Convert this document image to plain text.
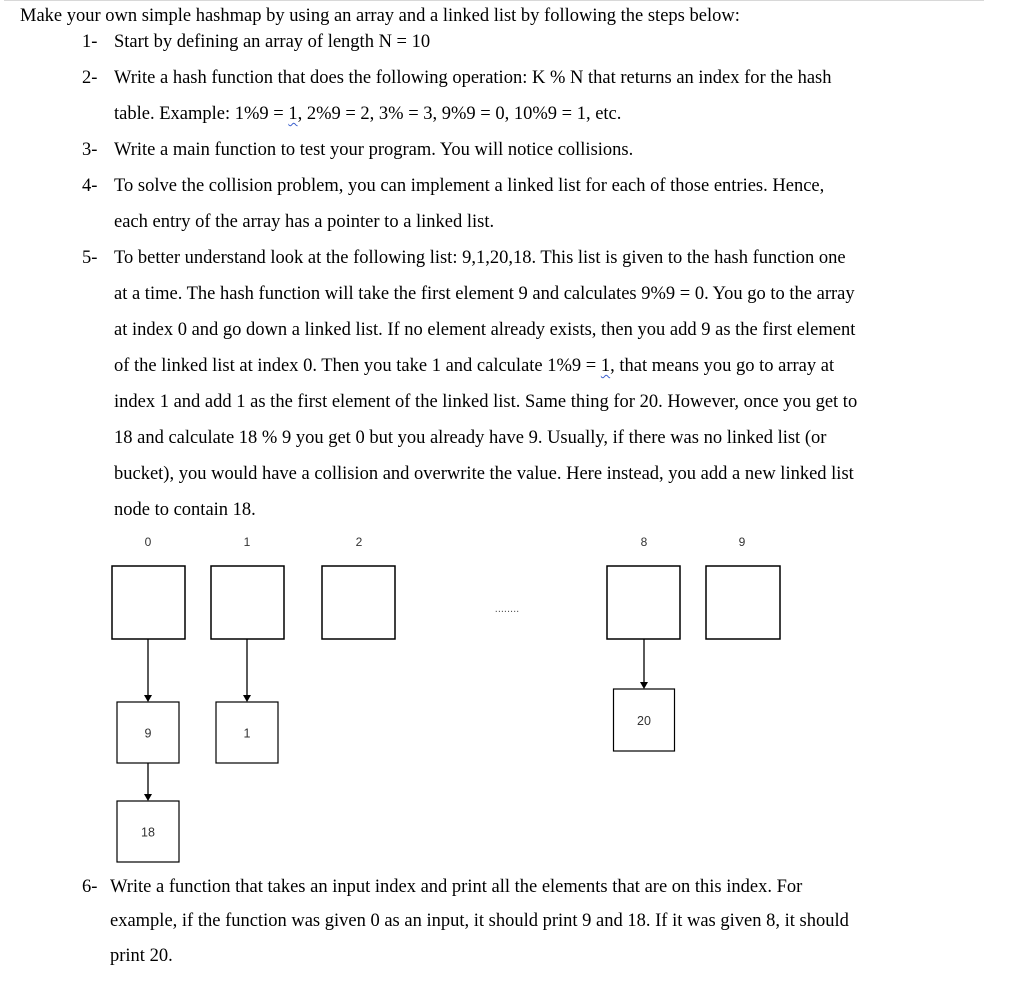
Make your own simple hashmap by using an array and a linked list by following the steps below:
1- Start by defining an array of length N = 10
2- Write a hash function that does the following operation: K % N that returns an index for the hash
table. Example: 1%9 = 1, 2%9 = 2, 3% = 3, 9%9 = 0, 10%9 = 1, etc.
3- Write a main function to test your program. You will notice collisions.
4- To solve the collision problem, you can implement a linked list for each of those entries. Hence,
each entry of the array has a pointer to a linked list.
5- To better understand look at the following list: 9,1,20,18. This list is given to the hash function one
at a time. The hash function will take the first element 9 and calculates 9%9 = 0. You go to the array
at index 0 and go down a linked list. If no element already exists, then you add 9 as the first element
of the linked list at index 0. Then you take 1 and calculate 1%9 = 1, that means you go to array at
index 1 and add 1 as the first element of the linked list. Same thing for 20. However, once you get to
18 and calculate 18 % 9 you get 0 but you already have 9. Usually, if there was no linked list (or
bucket), you would have a collision and overwrite the value. Here instead, you add a new linked list
node to contain 18.
6- Write a function that takes an input index and print all the elements that are on this index. For
example, if the function was given 0 as an input, it should print 9 and 18. If it was given 8, it should
print 20.
0
9
18
1
1
2	8
20
9
........
